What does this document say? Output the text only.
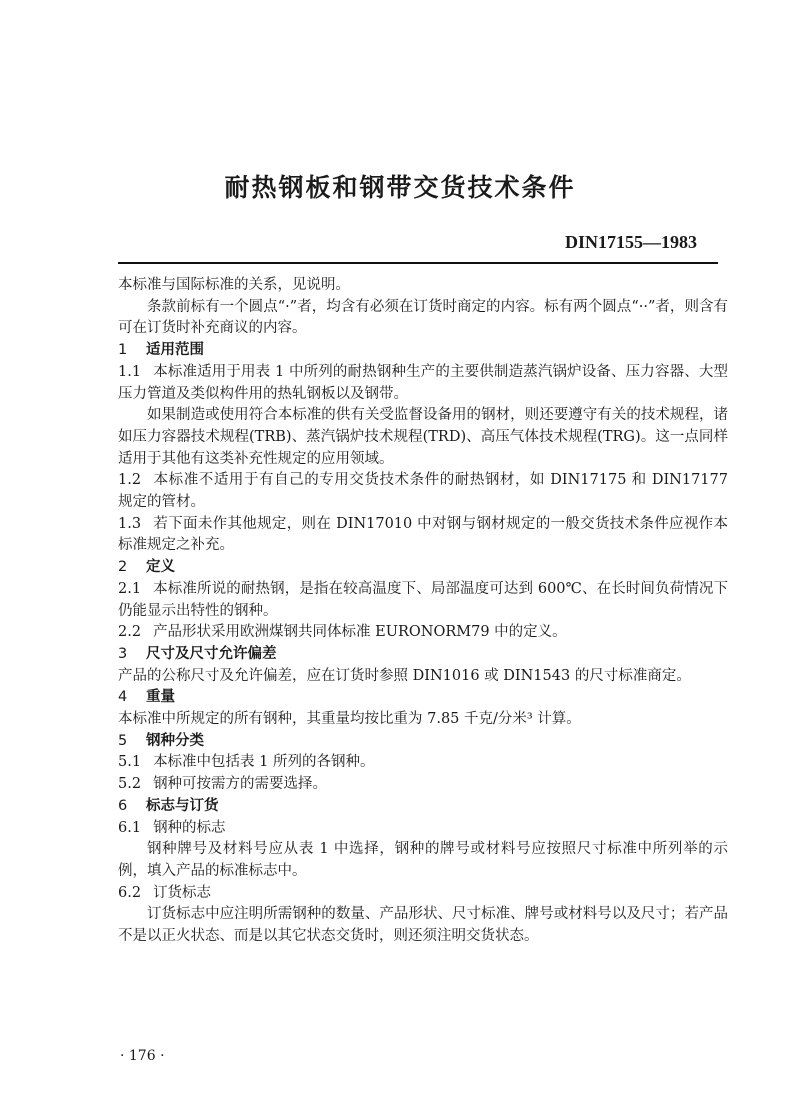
耐热钢板和钢带交货技术条件
DIN17155—1983

本标准与国际标准的关系，见说明。

条款前标有一个圆点“·”者，均含有必须在订货时商定的内容。标有两个圆点“··”者，则含有可在订货时补充商议的内容。

1 适用范围

1.1 本标准适用于用表 1 中所列的耐热钢种生产的主要供制造蒸汽锅炉设备、压力容器、大型压力管道及类似构件用的热轧钢板以及钢带。

如果制造或使用符合本标准的供有关受监督设备用的钢材，则还要遵守有关的技术规程，诸如压力容器技术规程(TRB)、蒸汽锅炉技术规程(TRD)、高压气体技术规程(TRG)。这一点同样适用于其他有这类补充性规定的应用领域。

1.2 本标准不适用于有自己的专用交货技术条件的耐热钢材，如 DIN17175 和 DIN17177 规定的管材。

1.3 若下面未作其他规定，则在 DIN17010 中对钢与钢材规定的一般交货技术条件应视作本标准规定之补充。

2 定义

2.1 本标准所说的耐热钢，是指在较高温度下、局部温度可达到 600℃、在长时间负荷情况下仍能显示出特性的钢种。

2.2 产品形状采用欧洲煤钢共同体标准 EURONORM79 中的定义。

3 尺寸及尺寸允许偏差

产品的公称尺寸及允许偏差，应在订货时参照 DIN1016 或 DIN1543 的尺寸标准商定。

4 重量

本标准中所规定的所有钢种，其重量均按比重为 7.85 千克/分米³ 计算。

5 钢种分类

5.1 本标准中包括表 1 所列的各钢种。

5.2 钢种可按需方的需要选择。

6 标志与订货

6.1 钢种的标志

钢种牌号及材料号应从表 1 中选择，钢种的牌号或材料号应按照尺寸标准中所列举的示例，填入产品的标准标志中。

6.2 订货标志

订货标志中应注明所需钢种的数量、产品形状、尺寸标准、牌号或材料号以及尺寸；若产品不是以正火状态、而是以其它状态交货时，则还须注明交货状态。

· 176 ·
